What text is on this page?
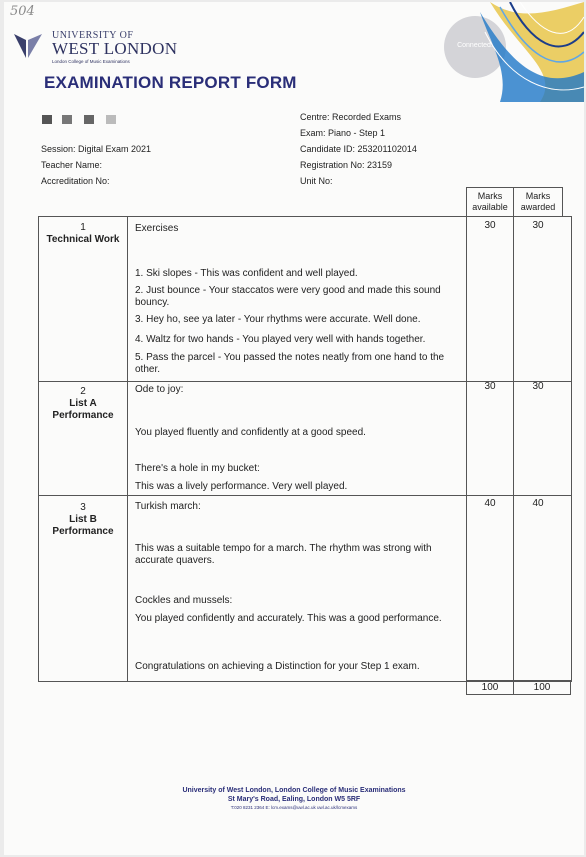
504
UNIVERSITY OF
WEST LONDON
London College of Music Examinations
Connected.
EXAMINATION REPORT FORM
Session: Digital Exam 2021
Teacher Name:
Accreditation No:
Centre: Recorded Exams
Exam: Piano - Step 1
Candidate ID: 253201102014
Registration No: 23159
Unit No:
Marks available
Marks awarded
1
Technical Work
Exercises
1. Ski slopes - This was confident and well played.
2. Just bounce - Your staccatos were very good and made this sound bouncy.
3. Hey ho, see ya later - Your rhythms were accurate. Well done.
4. Waltz for two hands - You played very well with hands together.
5. Pass the parcel - You passed the notes neatly from one hand to the other.
30	30
2
List A Performance
Ode to joy:
You played fluently and confidently at a good speed.
There's a hole in my bucket:
This was a lively performance. Very well played.
30	30
3
List B Performance
Turkish march:
This was a suitable tempo for a march. The rhythm was strong with accurate quavers.
Cockles and mussels:
You played confidently and accurately. This was a good performance.
Congratulations on achieving a Distinction for your Step 1 exam.
40	40
100	100
University of West London, London College of Music Examinations
St Mary's Road, Ealing, London W5 5RF
T:020 8231 2364 E: lcm.exams@uwl.ac.uk uwl.ac.uk/lcmexams
